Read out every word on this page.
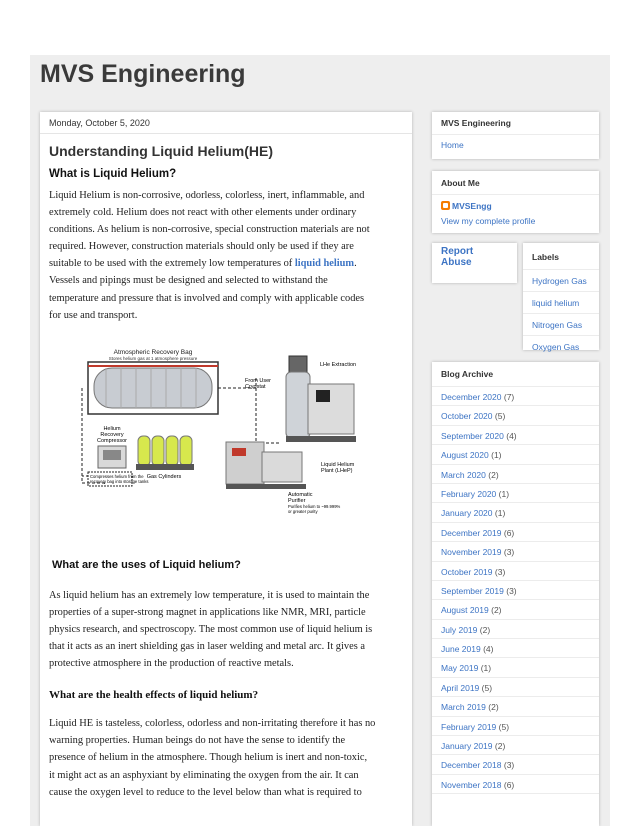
MVS Engineering
Monday, October 5, 2020
Understanding Liquid Helium(HE)
What is Liquid Helium?
Liquid Helium is non-corrosive, odorless, colorless, inert, inflammable, and
extremely cold. Helium does not react with other elements under ordinary
conditions. As helium is non-corrosive, special construction materials are not
required. However, construction materials should only be used if they are
suitable to be used with the extremely low temperatures of liquid helium.
Vessels and pipings must be designed and selected to withstand the
temperature and pressure that is involved and comply with applicable codes
for use and transport.
Atmospheric Recovery Bag
Stores helium gas at 1 atmosphere pressure
From User
Cryostat
Helium
Recovery
Compressor
Gas Cylinders
Compresses helium from the
recovery bag into storage tanks
LHe Extraction
Liquid Helium
Plant (LHeP)
Automatic
Purifier
Purifies helium to ~99.999%
or greater purity
What are the uses of Liquid helium?
As liquid helium has an extremely low temperature, it is used to maintain the
properties of a super-strong magnet in applications like NMR, MRI, particle
physics research, and spectroscopy. The most common use of liquid helium is
that it acts as an inert shielding gas in laser welding and metal arc. It gives a
protective atmosphere in the production of reactive metals.
What are the health effects of liquid helium?
Liquid HE is tasteless, colorless, odorless and non-irritating therefore it has no
warning properties. Human beings do not have the sense to identify the
presence of helium in the atmosphere. Though helium is inert and non-toxic,
it might act as an asphyxiant by eliminating the oxygen from the air. It can
cause the oxygen level to reduce to the level below than what is required to
MVS Engineering
Home
About Me
MVSEngg
View my complete profile
Report
Abuse	Labels
Hydrogen Gas
liquid helium
Nitrogen Gas
Oxygen Gas
Blog Archive
December 2020 (7)
October 2020 (5)
September 2020 (4)
August 2020 (1)
March 2020 (2)
February 2020 (1)
January 2020 (1)
December 2019 (6)
November 2019 (3)
October 2019 (3)
September 2019 (3)
August 2019 (2)
July 2019 (2)
June 2019 (4)
May 2019 (1)
April 2019 (5)
March 2019 (2)
February 2019 (5)
January 2019 (2)
December 2018 (3)
November 2018 (6)
